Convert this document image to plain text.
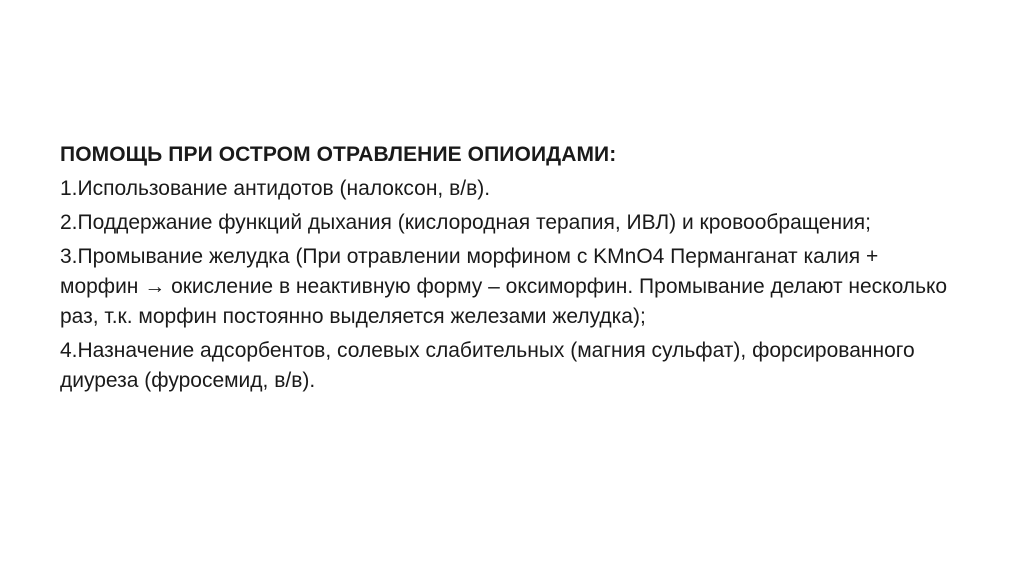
ПОМОЩЬ ПРИ ОСТРОМ ОТРАВЛЕНИЕ ОПИОИДАМИ:
1.Использование антидотов (налоксон, в/в).
2.Поддержание функций дыхания (кислородная терапия, ИВЛ) и кровообращения;
3.Промывание желудка (При отравлении морфином с KMnO4 Перманганат калия + морфин → окисление в неактивную форму – оксиморфин. Промывание делают несколько раз, т.к. морфин постоянно выделяется железами желудка);
4.Назначение адсорбентов, солевых слабительных (магния сульфат), форсированного диуреза (фуросемид, в/в).
